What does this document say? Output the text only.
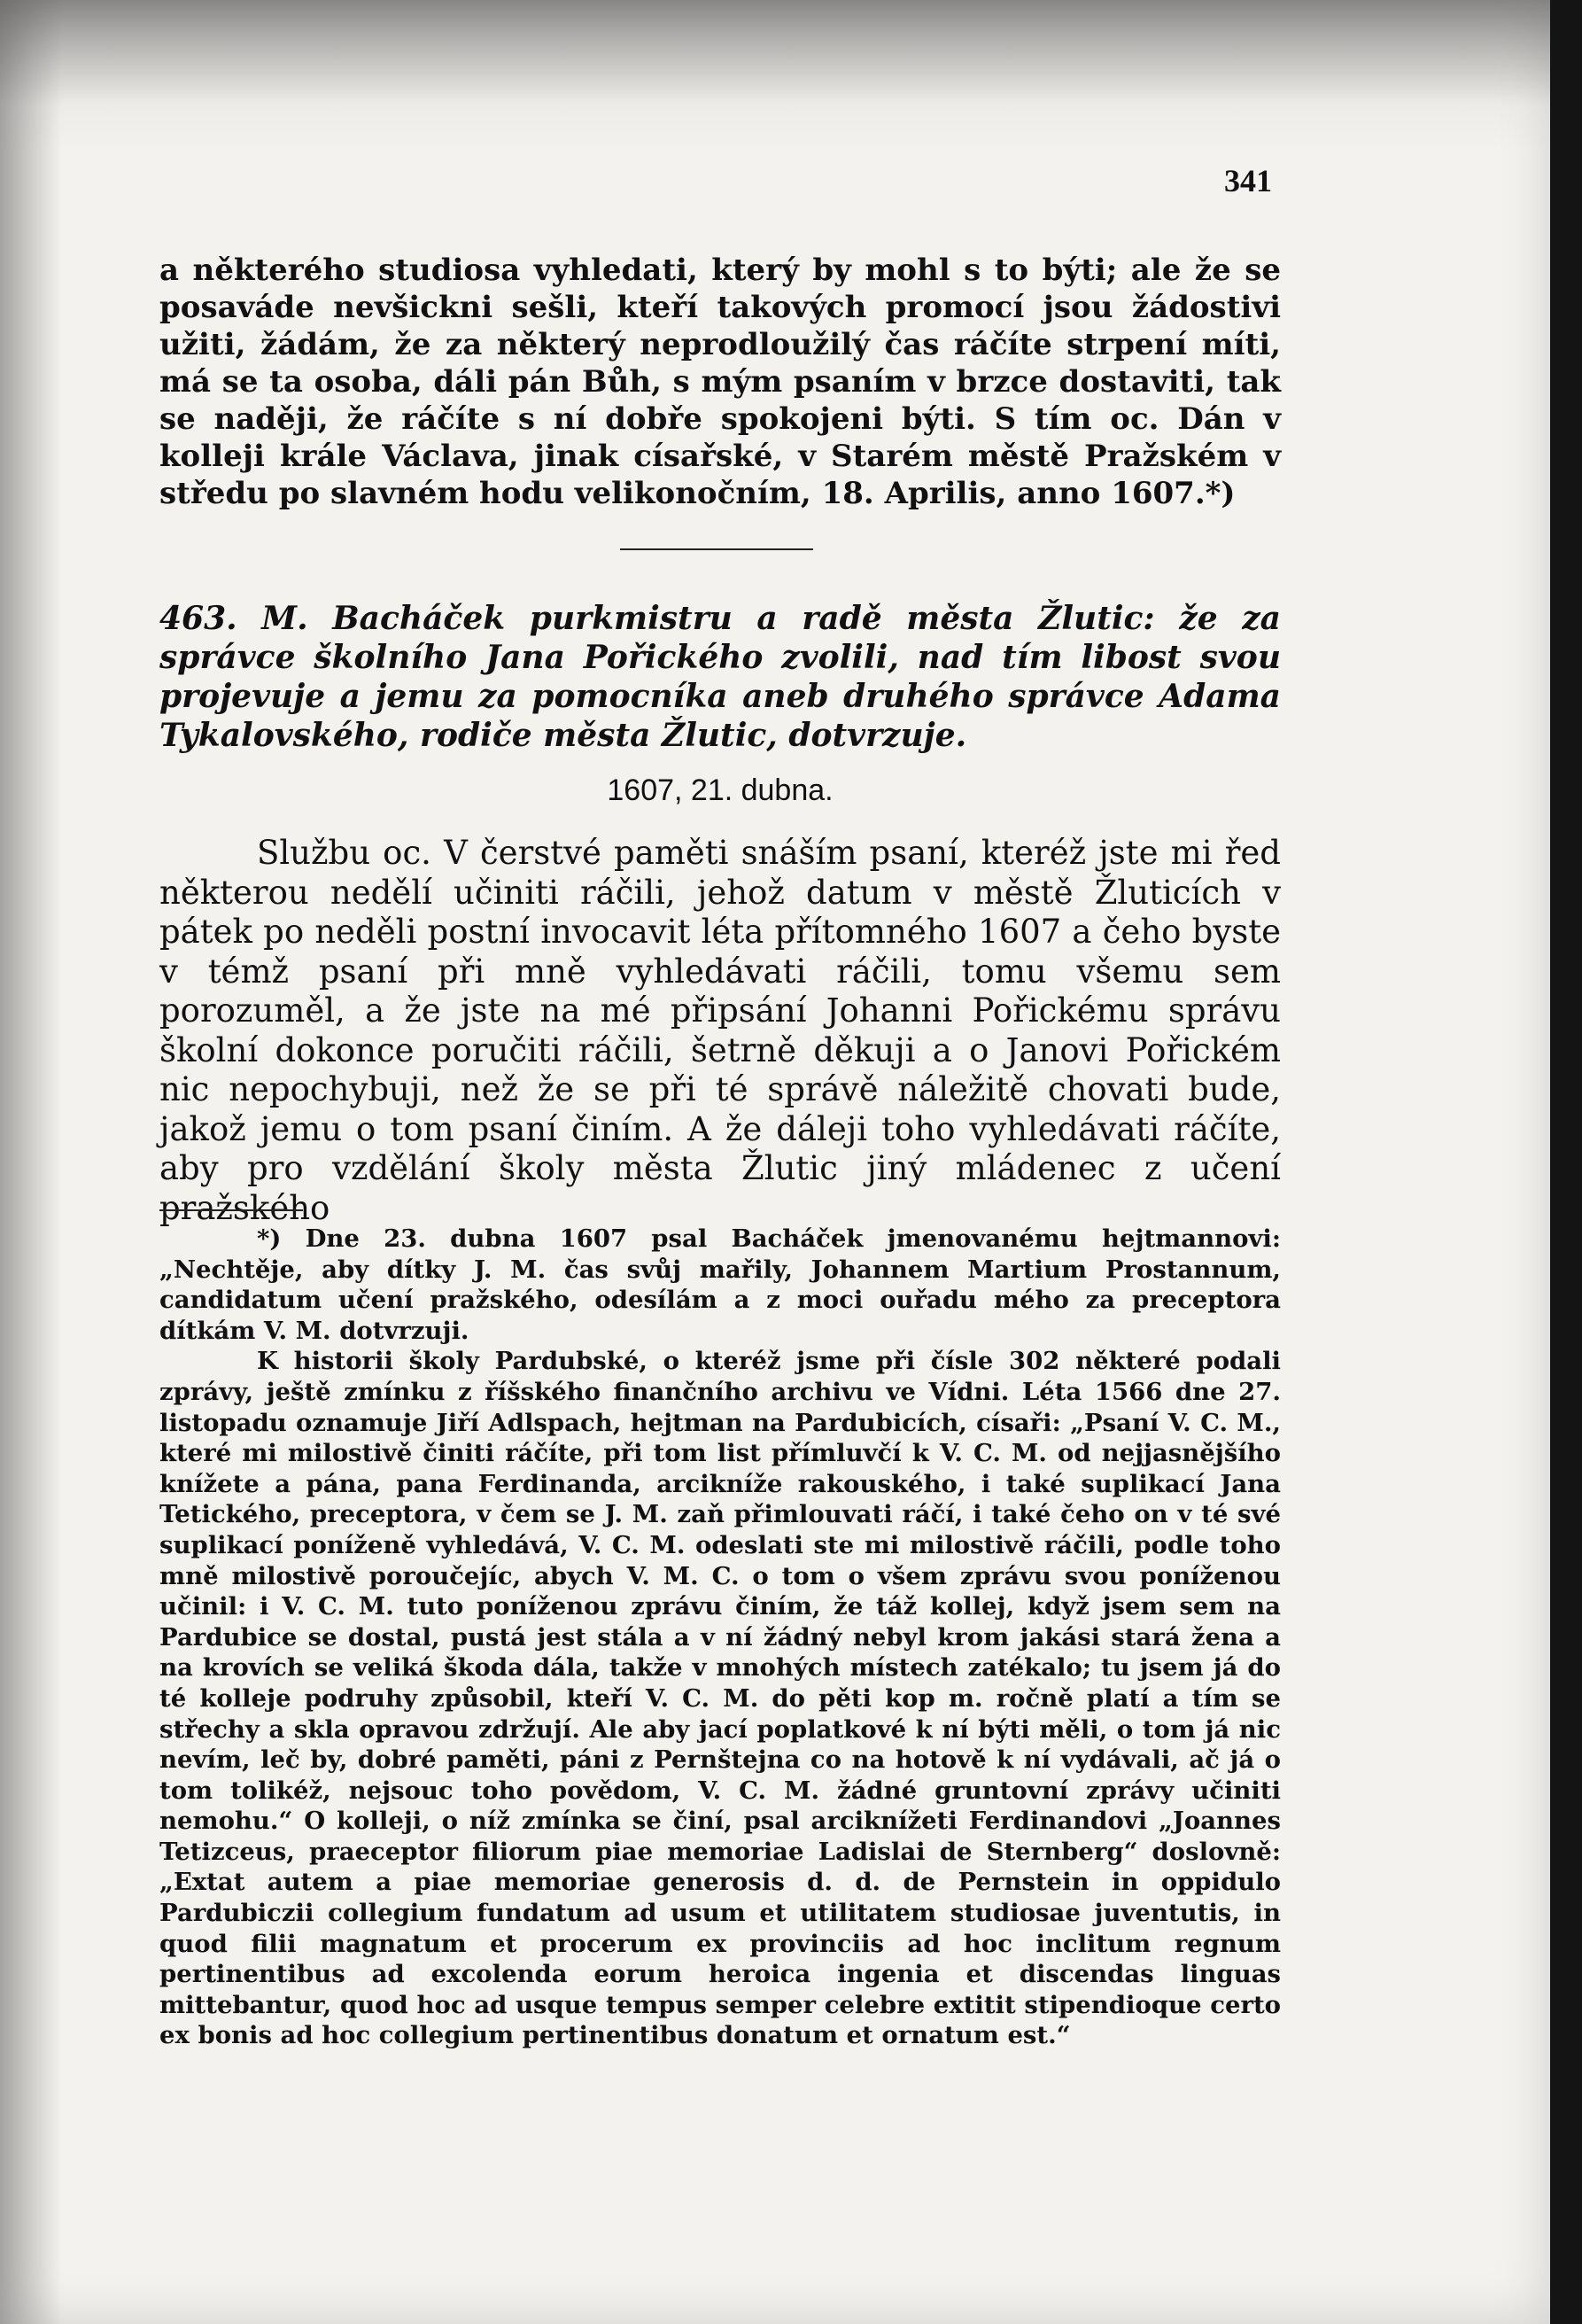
341

a některého studiosa vyhledati, který by mohl s to býti; ale že se posaváde nevšickni sešli, kteří takových promocí jsou žádostivi užiti, žádám, že za některý neprodloužilý čas ráčíte strpení míti, má se ta osoba, dáli pán Bůh, s mým psaním v brzce dostaviti, tak se naději, že ráčíte s ní dobře spokojeni býti. S tím oc. Dán v kolleji krále Václava, jinak císařské, v Starém městě Pražském v středu po slavném hodu velikonočním, 18. Aprilis, anno 1607.*)

463. M. Bacháček purkmistru a radě města Žlutic: že za správce školního Jana Pořického zvolili, nad tím libost svou projevuje a jemu za pomocníka aneb druhého správce Adama Tykalovského, rodiče města Žlutic, dotvrzuje.

1607, 21. dubna.

Službu oc. V čerstvé paměti snáším psaní, kteréž jste mi řed některou nedělí učiniti ráčili, jehož datum v městě Žluticích v pátek po neděli postní invocavit léta přítomného 1607 a čeho byste v témž psaní při mně vyhledávati ráčili, tomu všemu sem porozuměl, a že jste na mé připsání Johanni Pořickému správu školní dokonce poručiti ráčili, šetrně děkuji a o Janovi Pořickém nic nepochybuji, než že se při té správě náležitě chovati bude, jakož jemu o tom psaní činím. A že dáleji toho vyhledávati ráčíte, aby pro vzdělání školy města Žlutic jiný mládenec z učení pražského

*) Dne 23. dubna 1607 psal Bacháček jmenovanému hejtmannovi: „Nechtěje, aby dítky J. M. čas svůj mařily, Johannem Martium Prostannum, candidatum učení pražského, odesílám a z moci ouřadu mého za preceptora dítkám V. M. dotvrzuji.

K historii školy Pardubské, o kteréž jsme při čísle 302 některé podali zprávy, ještě zmínku z říšského finančního archivu ve Vídni. Léta 1566 dne 27. listopadu oznamuje Jiří Adlspach, hejtman na Pardubicích, císaři: „Psaní V. C. M., které mi milostivě činiti ráčíte, při tom list přímluvčí k V. C. M. od nejjasnějšího knížete a pána, pana Ferdinanda, arcikníže rakouského, i také suplikací Jana Tetického, preceptora, v čem se J. M. zaň přimlouvati ráčí, i také čeho on v té své suplikací poníženě vyhledává, V. C. M. odeslati ste mi milostivě ráčili, podle toho mně milostivě poroučejíc, abych V. M. C. o tom o všem zprávu svou poníženou učinil: i V. C. M. tuto poníženou zprávu činím, že táž kollej, když jsem sem na Pardubice se dostal, pustá jest stála a v ní žádný nebyl krom jakási stará žena a na krovích se veliká škoda dála, takže v mnohých místech zatékalo; tu jsem já do té kolleje podruhy způsobil, kteří V. C. M. do pěti kop m. ročně platí a tím se střechy a skla opravou zdržují. Ale aby jací poplatkové k ní býti měli, o tom já nic nevím, leč by, dobré paměti, páni z Pernštejna co na hotově k ní vydávali, ač já o tom tolikéž, nejsouc toho povědom, V. C. M. žádné gruntovní zprávy učiniti nemohu.“ O kolleji, o níž zmínka se činí, psal arciknížeti Ferdinandovi „Joannes Tetizceus, praeceptor filiorum piae memoriae Ladislai de Sternberg“ doslovně: „Extat autem a piae memoriae generosis d. d. de Pernstein in oppidulo Pardubiczii collegium fundatum ad usum et utilitatem studiosae juventutis, in quod filii magnatum et procerum ex provinciis ad hoc inclitum regnum pertinentibus ad excolenda eorum heroica ingenia et discendas linguas mittebantur, quod hoc ad usque tempus semper celebre extitit stipendioque certo ex bonis ad hoc collegium pertinentibus donatum et ornatum est.“
